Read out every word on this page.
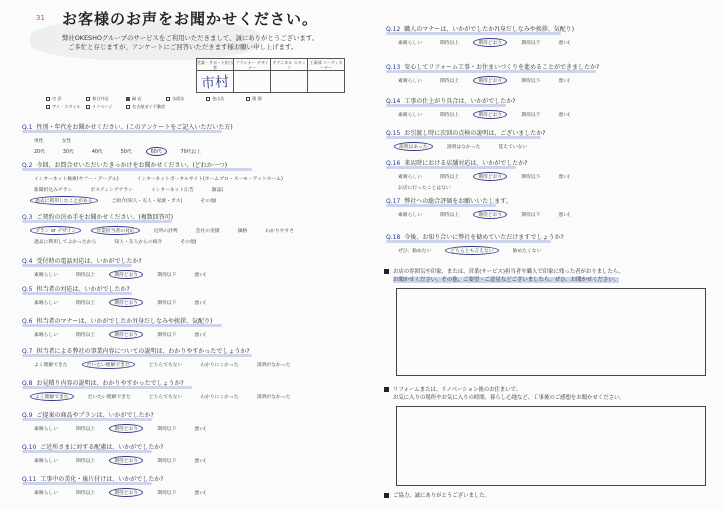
31 お客様のお声をお聞かせください。
弊社OKESHOグループのサービスをご利用いただきまして、誠にありがとうございます。
ご多忙と存じますが、アンケートにご回答いただきます様お願い申し上げます。
営業・サポート担当者	プランナー デザイナー	テクニカル スタッフ	工事部 コーディネーター

市村			

吉 浜	春日井店	緑 店	水面店	金山店	蒲 郡
アイ・スタイル	リノベージ	名古屋ガイ不動産
Q.1 性別・年代をお聞かせください。(このアンケートをご記入いただいた方)
男性	女性
20代	30代	40代	50代	60代	70代以上
Q.2 今回、お問合せいただいたきっかけをお聞かせください。(どれか一つ)
インターネット検索(ヤフー・グーグル)	インターネットポータルサイト(ホームプロ・スーモ・アットホーム)
新聞折込みチラシ	ポスティングチラシ	インターネット広告	雑誌(
過去に利用したことがある	ご紹介(知人・友人・家族・ガス)	その他(
Q.3 ご契約の決め手をお聞かせください。(複数回答可)
プラン or デザイン	営業担当者の対応	近所の評判	会社の実績	価格	わかりやすさ
過去に利用してよかったから	知人・友人からの紹介	その他(
Q.4 受付時の電話対応は、いかがでしたか?
素晴らしい	期待以上	期待どおり	期待以下	悪い(
Q.5 担当者の対応は、いかがでしたか?
素晴らしい	期待以上	期待どおり	期待以下	悪い(
Q.6 担当者のマナーは、いかがでしたか?(身だしなみや挨拶、気配り)
素晴らしい	期待以上	期待どおり	期待以下	悪い(
Q.7 担当者による弊社の事業内容についての説明は、わかりやすかったでしょうか?
よく理解できた	だいたい理解できた	どちらでもない	わかりにくかった	説明がなかった
Q.8 お見積り内容の説明は、わかりやすかったでしょうか?
よく理解できた	だいたい理解できた	どちらでもない	わかりにくかった	説明がなかった
Q.9 ご提案の商品やプランは、いかがでしたか?
素晴らしい	期待以上	期待どおり	期待以下	悪い(
Q.10 ご近所さまに対する配慮は、いかがでしたか?
素晴らしい	期待以上	期待どおり	期待以下	悪い(
Q.11 工事中の美化・後片付けは、いかがでしたか?
素晴らしい	期待以上	期待どおり	期待以下	悪い(
Q.12 職人のマナーは、いかがでしたか?(身だしなみや挨拶、気配り)
素晴らしい	期待以上	期待どおり	期待以下	悪い(
Q.13 安心してリフォーム工事・お住まいづくりを進めることができましたか?
素晴らしい	期待以上	期待どおり	期待以下	悪い(
Q.14 工事の仕上がり具合は、いかがでしたか?
素晴らしい	期待以上	期待どおり	期待以下	悪い(
Q.15 お引渡し時に次回の点検の説明は、ございましたか?
説明はあった	説明はなかった	覚えていない
Q.16 来店時における店舗対応は、いかがでしたか?
素晴らしい	期待以上	期待どおり	期待以下	悪い(
お店に行ったことはない
Q.17 弊社への総合評価をお願いいたします。
素晴らしい	期待以上	期待どおり	期待以下	悪い(
Q.18 今後、お知り合いに弊社を勧めていただけますでしょうか?
ぜひ、勧めたい	どちらとも言えない	勧めたくない
お店の雰囲気や印象、または、営業(サービス)担当者や職人で印象に残った者がおりましたら、
お聞かせください。その他、ご要望・ご意見などございましたら、ぜひ、お聞かせください。
リフォームまたは、リノベーション後のお住まいで、
お気に入りの場所やお気に入りの時間、暮らし心地など、工事後のご感想をお聞かせください。
ご協力、誠にありがとうございました。
